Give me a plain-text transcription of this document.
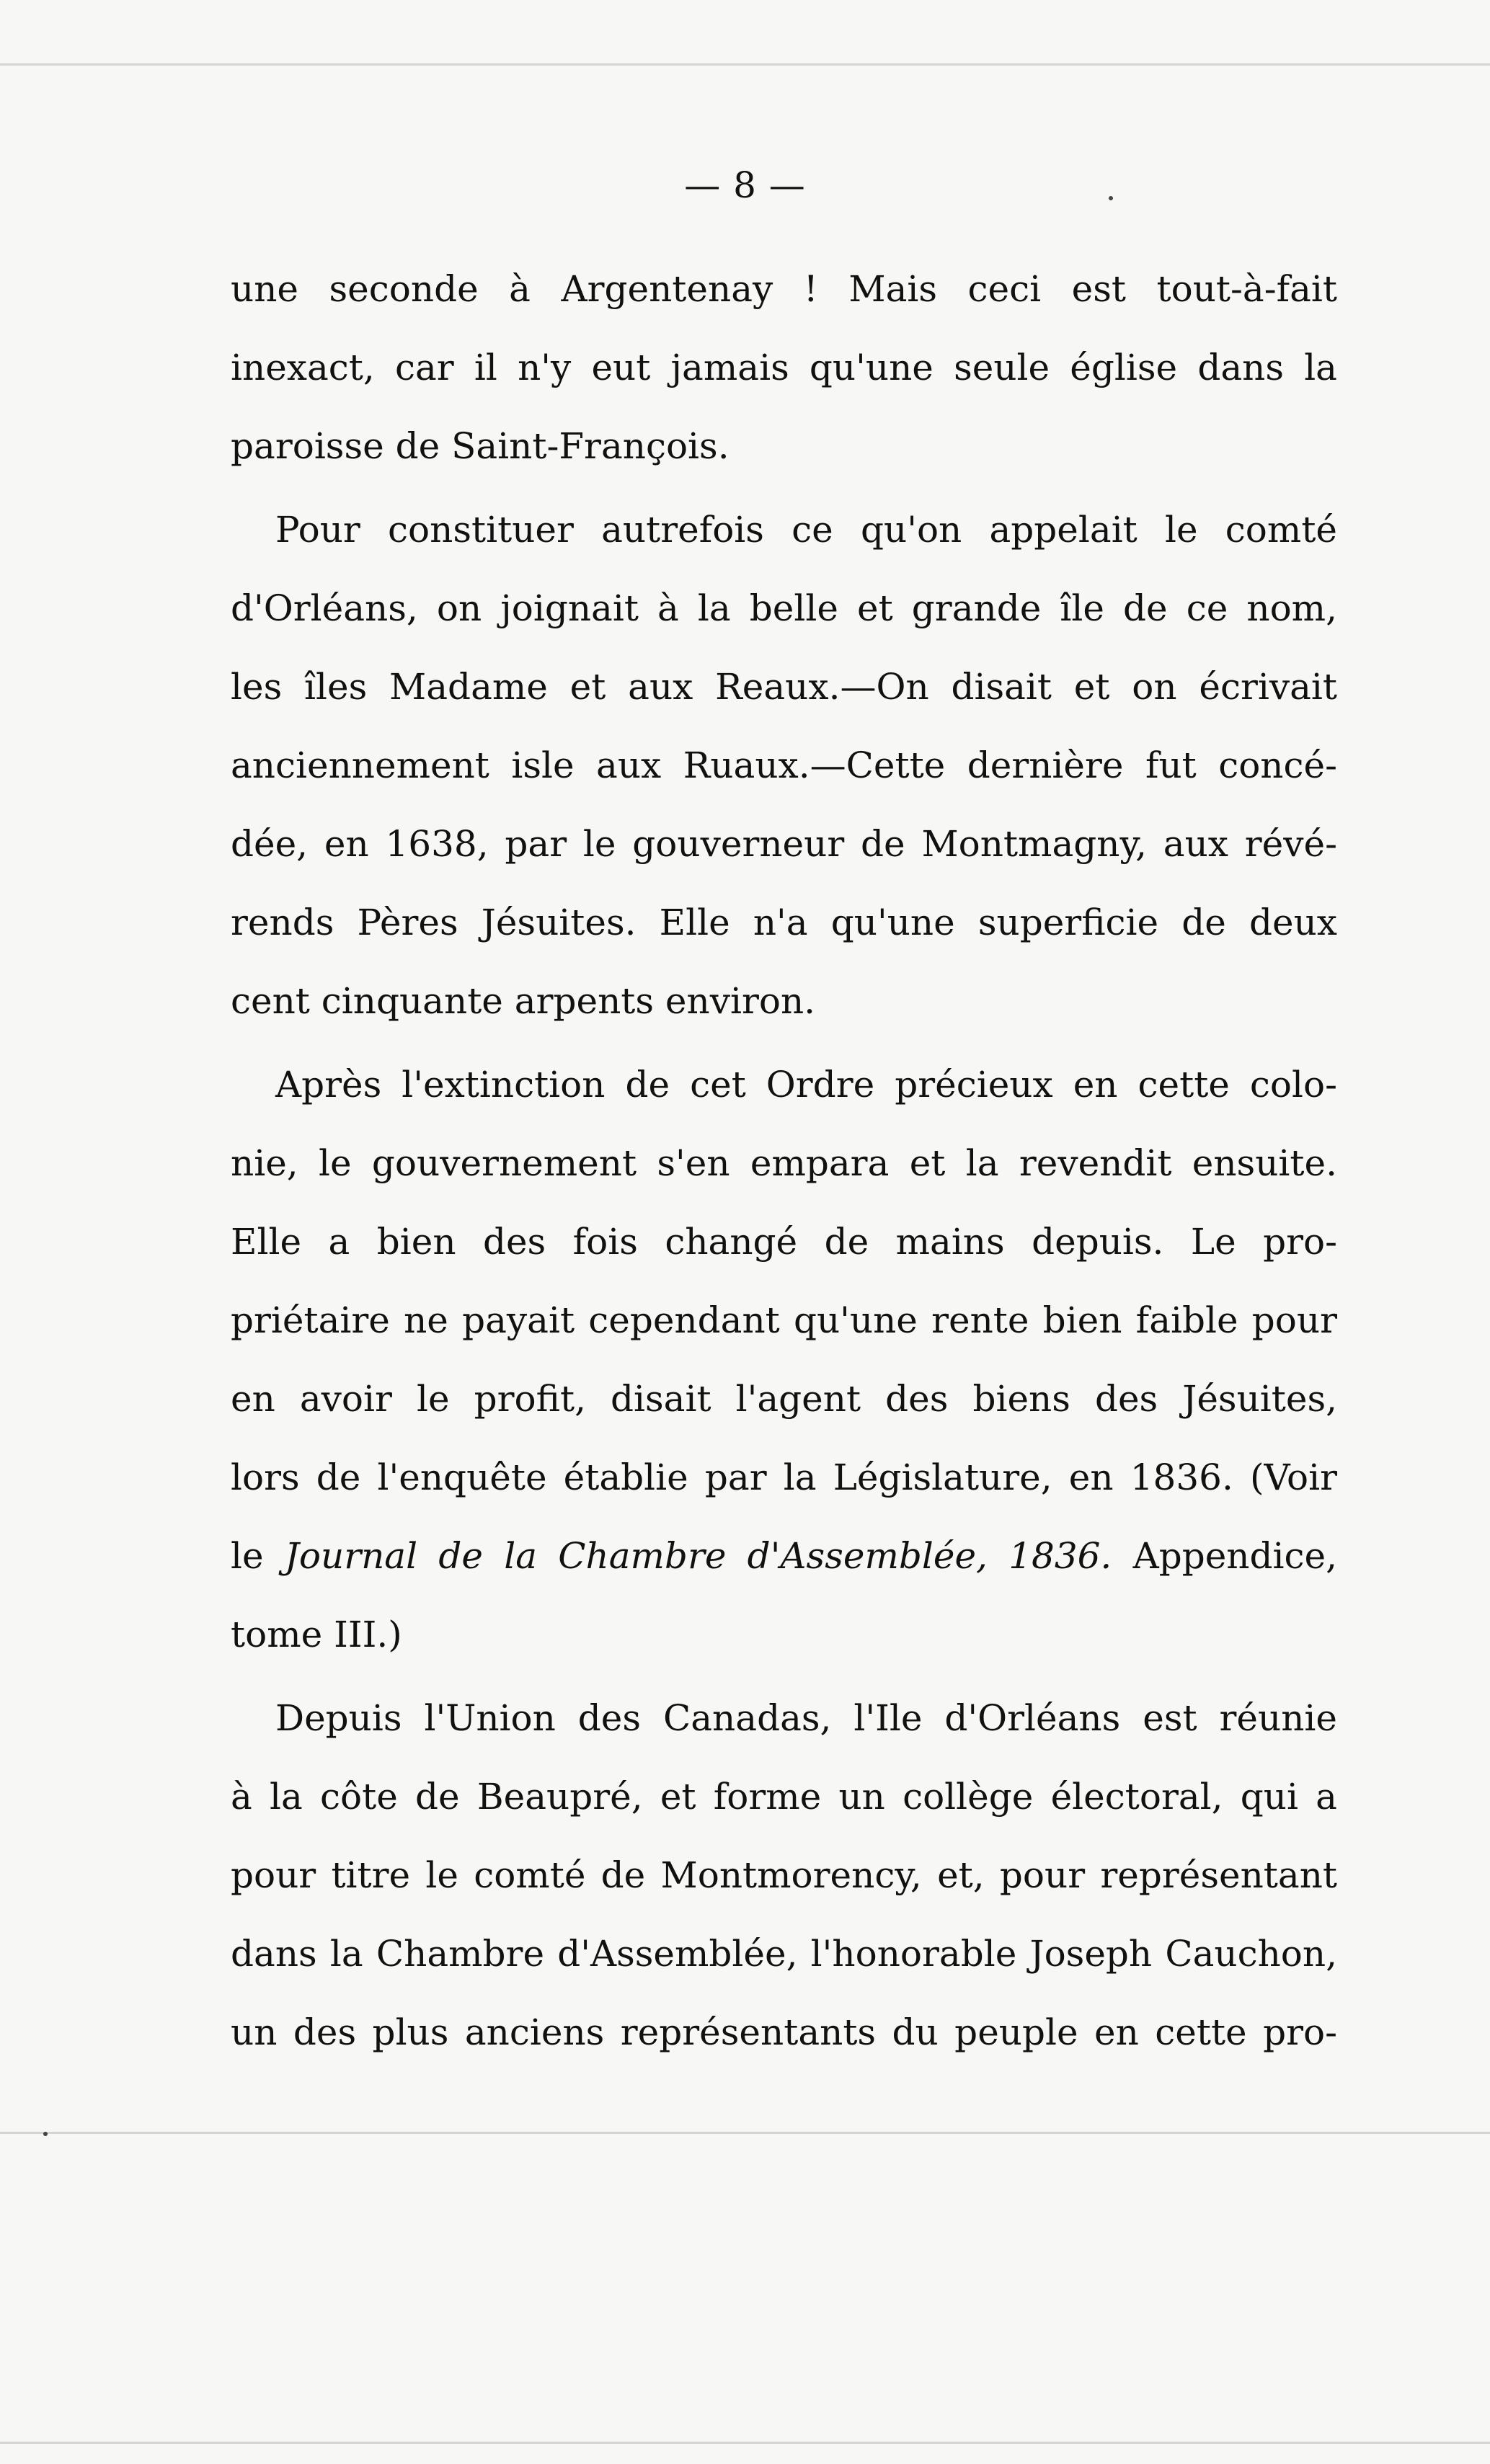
— 8 —
une seconde à Argentenay ! Mais ceci est tout-à-fait
inexact, car il n'y eut jamais qu'une seule église dans la
paroisse de Saint-François.
Pour constituer autrefois ce qu'on appelait le comté
d'Orléans, on joignait à la belle et grande île de ce nom,
les îles Madame et aux Reaux.—On disait et on écrivait
anciennement isle aux Ruaux.—Cette dernière fut concé-
dée, en 1638, par le gouverneur de Montmagny, aux révé-
rends Pères Jésuites. Elle n'a qu'une superficie de deux
cent cinquante arpents environ.
Après l'extinction de cet Ordre précieux en cette colo-
nie, le gouvernement s'en empara et la revendit ensuite.
Elle a bien des fois changé de mains depuis. Le pro-
priétaire ne payait cependant qu'une rente bien faible pour
en avoir le profit, disait l'agent des biens des Jésuites,
lors de l'enquête établie par la Législature, en 1836. (Voir
le Journal de la Chambre d'Assemblée, 1836. Appendice,
tome III.)
Depuis l'Union des Canadas, l'Ile d'Orléans est réunie
à la côte de Beaupré, et forme un collège électoral, qui a
pour titre le comté de Montmorency, et, pour représentant
dans la Chambre d'Assemblée, l'honorable Joseph Cauchon,
un des plus anciens représentants du peuple en cette pro-
